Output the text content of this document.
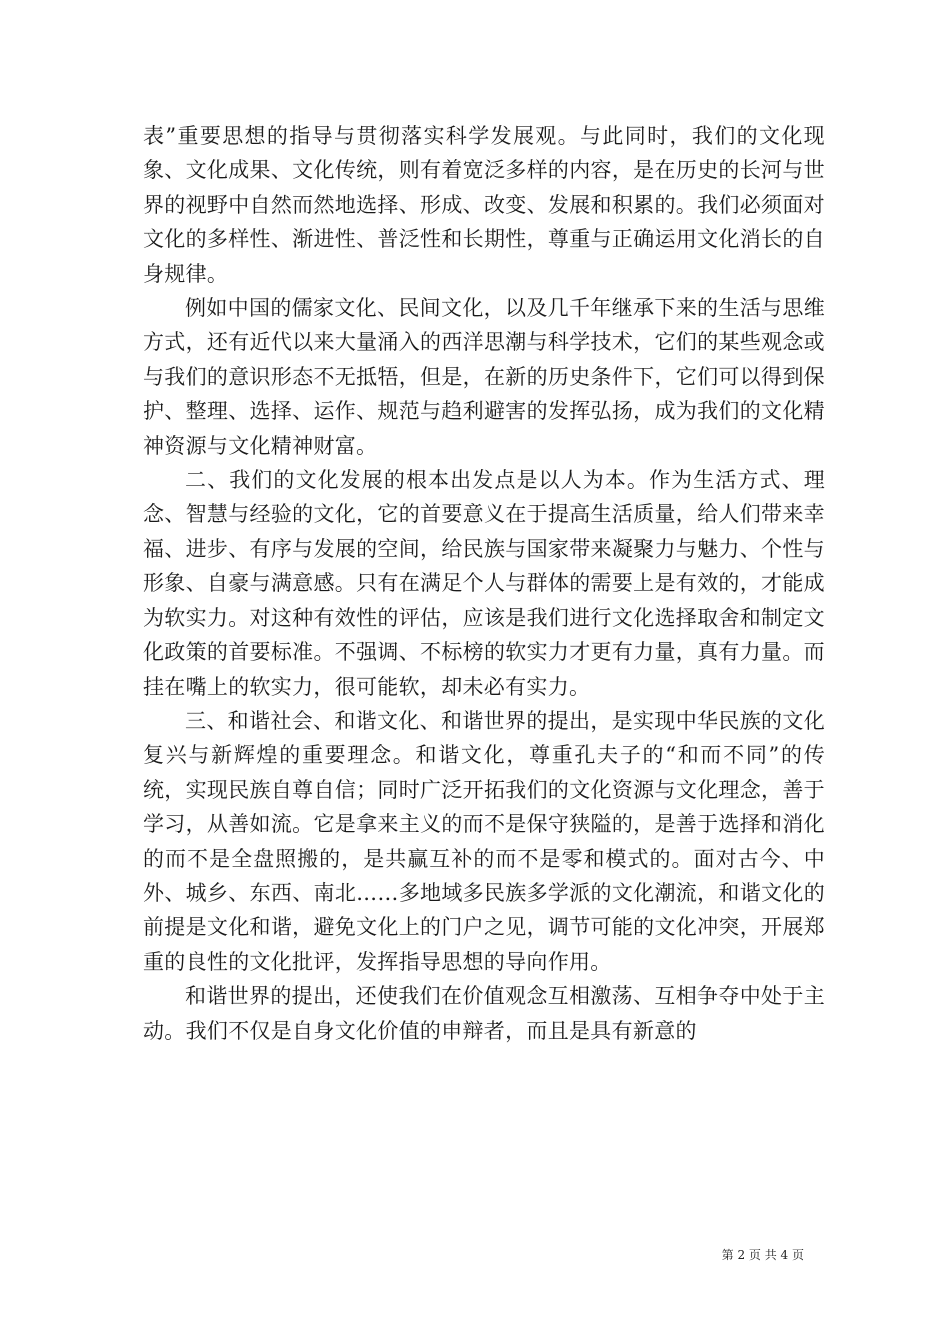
表”重要思想的指导与贯彻落实科学发展观。与此同时，我们的文化现象、文化成果、文化传统，则有着宽泛多样的内容，是在历史的长河与世界的视野中自然而然地选择、形成、改变、发展和积累的。我们必须面对文化的多样性、渐进性、普泛性和长期性，尊重与正确运用文化消长的自身规律。

例如中国的儒家文化、民间文化，以及几千年继承下来的生活与思维方式，还有近代以来大量涌入的西洋思潮与科学技术，它们的某些观念或与我们的意识形态不无抵牾，但是，在新的历史条件下，它们可以得到保护、整理、选择、运作、规范与趋利避害的发挥弘扬，成为我们的文化精神资源与文化精神财富。

二、我们的文化发展的根本出发点是以人为本。作为生活方式、理念、智慧与经验的文化，它的首要意义在于提高生活质量，给人们带来幸福、进步、有序与发展的空间，给民族与国家带来凝聚力与魅力、个性与形象、自豪与满意感。只有在满足个人与群体的需要上是有效的，才能成为软实力。对这种有效性的评估，应该是我们进行文化选择取舍和制定文化政策的首要标准。不强调、不标榜的软实力才更有力量，真有力量。而挂在嘴上的软实力，很可能软，却未必有实力。

三、和谐社会、和谐文化、和谐世界的提出，是实现中华民族的文化复兴与新辉煌的重要理念。和谐文化，尊重孔夫子的“和而不同”的传统，实现民族自尊自信；同时广泛开拓我们的文化资源与文化理念，善于学习，从善如流。它是拿来主义的而不是保守狭隘的，是善于选择和消化的而不是全盘照搬的，是共赢互补的而不是零和模式的。面对古今、中外、城乡、东西、南北……多地域多民族多学派的文化潮流，和谐文化的前提是文化和谐，避免文化上的门户之见，调节可能的文化冲突，开展郑重的良性的文化批评，发挥指导思想的导向作用。

和谐世界的提出，还使我们在价值观念互相激荡、互相争夺中处于主动。我们不仅是自身文化价值的申辩者，而且是具有新意的

第 2 页 共 4 页
